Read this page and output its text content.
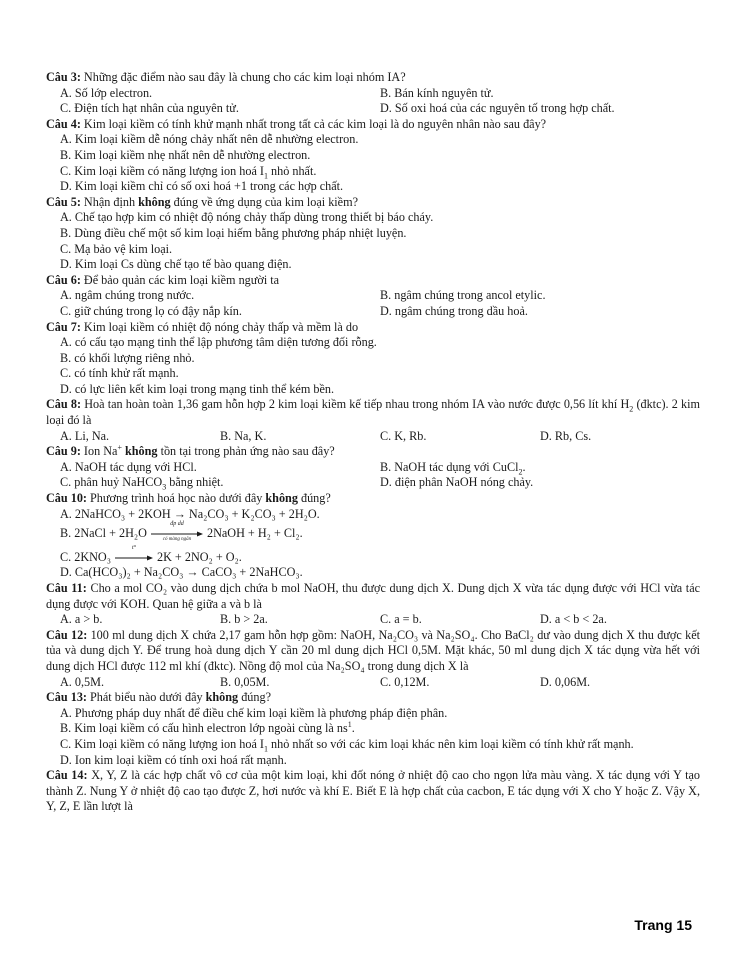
Câu 3: Những đặc điểm nào sau đây là chung cho các kim loại nhóm IA?

A. Số lớp electron.	B. Bán kính nguyên tử.
C. Điện tích hạt nhân của nguyên tử.	D. Số oxi hoá của các nguyên tố trong hợp chất.

Câu 4: Kim loại kiềm có tính khử mạnh nhất trong tất cả các kim loại là do nguyên nhân nào sau đây?

A. Kim loại kiềm dễ nóng chảy nhất nên dễ nhường electron.

B. Kim loại kiềm nhẹ nhất nên dễ nhường electron.

C. Kim loại kiềm có năng lượng ion hoá $I_1$ nhỏ nhất.

D. Kim loại kiềm chỉ có số oxi hoá +1 trong các hợp chất.

Câu 5: Nhận định không đúng về ứng dụng của kim loại kiềm?

A. Chế tạo hợp kim có nhiệt độ nóng chảy thấp dùng trong thiết bị báo cháy.

B. Dùng điều chế một số kim loại hiếm bằng phương pháp nhiệt luyện.

C. Mạ bảo vệ kim loại.

D. Kim loại Cs dùng chế tạo tế bào quang điện.

Câu 6: Để bảo quản các kim loại kiềm người ta

A. ngâm chúng trong nước.	B. ngâm chúng trong ancol etylic.
C. giữ chúng trong lọ có đậy nắp kín.	D. ngâm chúng trong dầu hoả.

Câu 7: Kim loại kiềm có nhiệt độ nóng chảy thấp và mềm là do

A. có cấu tạo mạng tinh thể lập phương tâm diện tương đối rỗng.

B. có khối lượng riêng nhỏ.

C. có tính khử rất mạnh.

D. có lực liên kết kim loại trong mạng tinh thể kém bền.

Câu 8: Hoà tan hoàn toàn 1,36 gam hỗn hợp 2 kim loại kiềm kế tiếp nhau trong nhóm IA vào nước được 0,56 lít khí $H_2$ (đktc). 2 kim loại đó là

A. Li, Na.	B. Na, K.	C. K, Rb.	D. Rb, Cs.

Câu 9: Ion Na+ không tồn tại trong phản ứng nào sau đây?

A. NaOH tác dụng với HCl.	B. NaOH tác dụng với CuCl$_2$.
C. phân huỷ NaHCO$_3$ bằng nhiệt.	D. điện phân NaOH nóng chảy.

Câu 10: Phương trình hoá học nào dưới đây không đúng?

A. 2NaHCO₃ + 2KOH → Na₂CO₃ + K₂CO₃ + 2H₂O.

B. 2NaCl + 2H₂O
đp dd
có màng ngăn	2NaOH + H₂ + Cl₂.

C. 2KNO₃
t°
2K + 2NO₂ + O₂.

D. Ca(HCO₃)₂ + Na₂CO₃ → CaCO₃ + 2NaHCO₃.

Câu 11: Cho a mol CO₂ vào dung dịch chứa b mol NaOH, thu được dung dịch X. Dung dịch X vừa tác dụng được với HCl vừa tác dụng được với KOH. Quan hệ giữa a và b là

A. a > b.	B. b > 2a.	C. a = b.	D. a < b < 2a.

Câu 12: 100 ml dung dịch X chứa 2,17 gam hỗn hợp gồm: NaOH, Na₂CO₃ và Na₂SO₄. Cho BaCl₂ dư vào dung dịch X thu được kết tủa và dung dịch Y. Để trung hoà dung dịch Y cần 20 ml dung dịch HCl 0,5M. Mặt khác, 50 ml dung dịch X tác dụng vừa hết với dung dịch HCl được 112 ml khí (đktc). Nồng độ mol của Na₂SO₄ trong dung dịch X là

A. 0,5M.	B. 0,05M.	C. 0,12M.	D. 0,06M.

Câu 13: Phát biểu nào dưới đây không đúng?

A. Phương pháp duy nhất để điều chế kim loại kiềm là phương pháp điện phân.

B. Kim loại kiềm có cấu hình electron lớp ngoài cùng là $ns^1$.

C. Kim loại kiềm có năng lượng ion hoá $I_1$ nhỏ nhất so với các kim loại khác nên kim loại kiềm có tính khử rất mạnh.

D. Ion kim loại kiềm có tính oxi hoá rất mạnh.

Câu 14: X, Y, Z là các hợp chất vô cơ của một kim loại, khi đốt nóng ở nhiệt độ cao cho ngọn lửa màu vàng. X tác dụng với Y tạo thành Z. Nung Y ở nhiệt độ cao tạo được Z, hơi nước và khí E. Biết E là hợp chất của cacbon, E tác dụng với X cho Y hoặc Z. Vậy X, Y, Z, E lần lượt là

Trang 15
